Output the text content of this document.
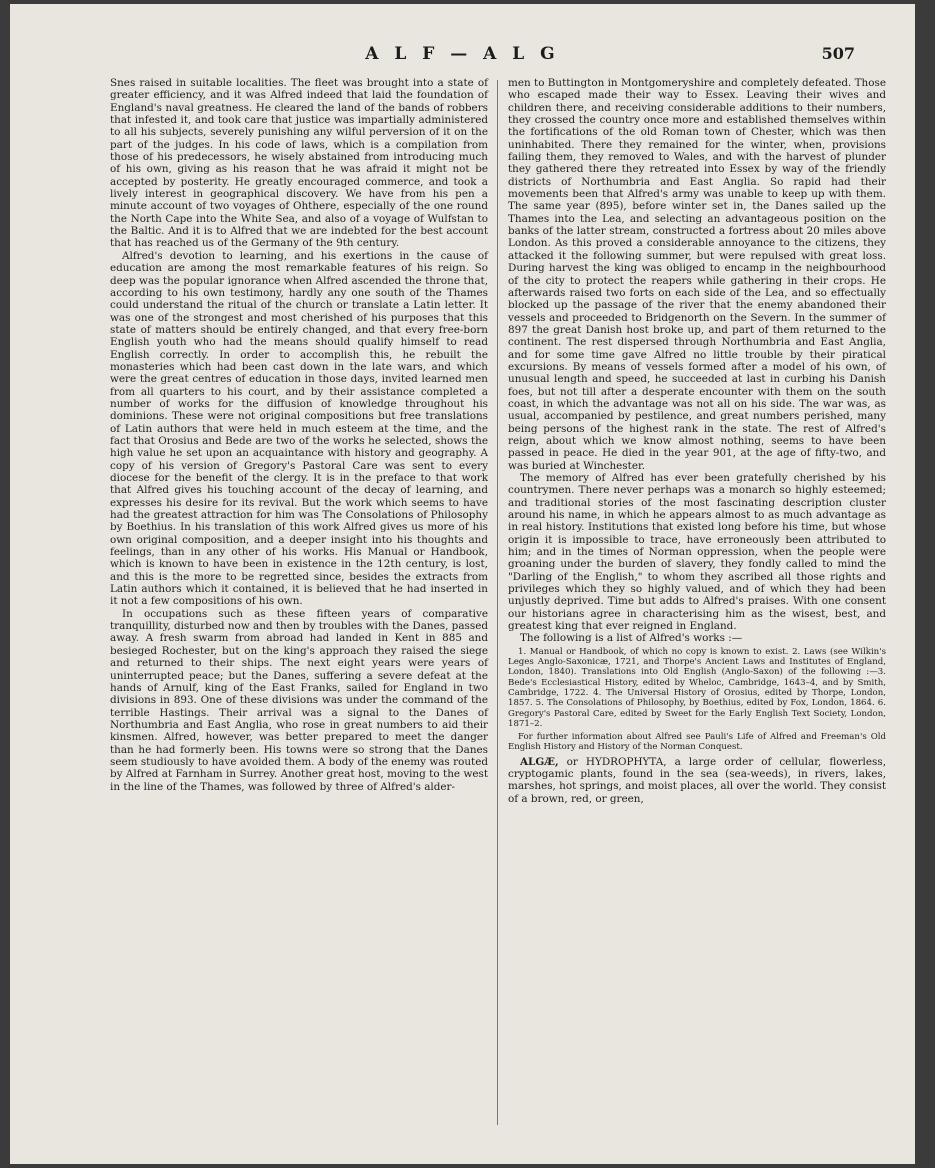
A L F — A L G	507

Snes raised in suitable localities. The fleet was brought into a state of greater efficiency, and it was Alfred indeed that laid the foundation of England's naval greatness. He cleared the land of the bands of robbers that infested it, and took care that justice was impartially administered to all his subjects, severely punishing any wilful perversion of it on the part of the judges. In his code of laws, which is a compilation from those of his predecessors, he wisely abstained from introducing much of his own, giving as his reason that he was afraid it might not be accepted by posterity. He greatly encouraged commerce, and took a lively interest in geographical discovery. We have from his pen a minute account of two voyages of Ohthere, especially of the one round the North Cape into the White Sea, and also of a voyage of Wulfstan to the Baltic. And it is to Alfred that we are indebted for the best account that has reached us of the Germany of the 9th century.

Alfred's devotion to learning, and his exertions in the cause of education are among the most remarkable features of his reign. So deep was the popular ignorance when Alfred ascended the throne that, according to his own testimony, hardly any one south of the Thames could understand the ritual of the church or translate a Latin letter. It was one of the strongest and most cherished of his purposes that this state of matters should be entirely changed, and that every free-born English youth who had the means should qualify himself to read English correctly. In order to accomplish this, he rebuilt the monasteries which had been cast down in the late wars, and which were the great centres of education in those days, invited learned men from all quarters to his court, and by their assistance completed a number of works for the diffusion of knowledge throughout his dominions. These were not original compositions but free translations of Latin authors that were held in much esteem at the time, and the fact that Orosius and Bede are two of the works he selected, shows the high value he set upon an acquaintance with history and geography. A copy of his version of Gregory's Pastoral Care was sent to every diocese for the benefit of the clergy. It is in the preface to that work that Alfred gives his touching account of the decay of learning, and expresses his desire for its revival. But the work which seems to have had the greatest attraction for him was The Consolations of Philosophy by Boethius. In his translation of this work Alfred gives us more of his own original composition, and a deeper insight into his thoughts and feelings, than in any other of his works. His Manual or Handbook, which is known to have been in existence in the 12th century, is lost, and this is the more to be regretted since, besides the extracts from Latin authors which it contained, it is believed that he had inserted in it not a few compositions of his own.

In occupations such as these fifteen years of comparative tranquillity, disturbed now and then by troubles with the Danes, passed away. A fresh swarm from abroad had landed in Kent in 885 and besieged Rochester, but on the king's approach they raised the siege and returned to their ships. The next eight years were years of uninterrupted peace; but the Danes, suffering a severe defeat at the hands of Arnulf, king of the East Franks, sailed for England in two divisions in 893. One of these divisions was under the command of the terrible Hastings. Their arrival was a signal to the Danes of Northumbria and East Anglia, who rose in great numbers to aid their kinsmen. Alfred, however, was better prepared to meet the danger than he had formerly been. His towns were so strong that the Danes seem studiously to have avoided them. A body of the enemy was routed by Alfred at Farnham in Surrey. Another great host, moving to the west in the line of the Thames, was followed by three of Alfred's alder-

men to Buttington in Montgomeryshire and completely defeated. Those who escaped made their way to Essex. Leaving their wives and children there, and receiving considerable additions to their numbers, they crossed the country once more and established themselves within the fortifications of the old Roman town of Chester, which was then uninhabited. There they remained for the winter, when, provisions failing them, they removed to Wales, and with the harvest of plunder they gathered there they retreated into Essex by way of the friendly districts of Northumbria and East Anglia. So rapid had their movements been that Alfred's army was unable to keep up with them. The same year (895), before winter set in, the Danes sailed up the Thames into the Lea, and selecting an advantageous position on the banks of the latter stream, constructed a fortress about 20 miles above London. As this proved a considerable annoyance to the citizens, they attacked it the following summer, but were repulsed with great loss. During harvest the king was obliged to encamp in the neighbourhood of the city to protect the reapers while gathering in their crops. He afterwards raised two forts on each side of the Lea, and so effectually blocked up the passage of the river that the enemy abandoned their vessels and proceeded to Bridgenorth on the Severn. In the summer of 897 the great Danish host broke up, and part of them returned to the continent. The rest dispersed through Northumbria and East Anglia, and for some time gave Alfred no little trouble by their piratical excursions. By means of vessels formed after a model of his own, of unusual length and speed, he succeeded at last in curbing his Danish foes, but not till after a desperate encounter with them on the south coast, in which the advantage was not all on his side. The war was, as usual, accompanied by pestilence, and great numbers perished, many being persons of the highest rank in the state. The rest of Alfred's reign, about which we know almost nothing, seems to have been passed in peace. He died in the year 901, at the age of fifty-two, and was buried at Winchester.

The memory of Alfred has ever been gratefully cherished by his countrymen. There never perhaps was a monarch so highly esteemed; and traditional stories of the most fascinating description cluster around his name, in which he appears almost to as much advantage as in real history. Institutions that existed long before his time, but whose origin it is impossible to trace, have erroneously been attributed to him; and in the times of Norman oppression, when the people were groaning under the burden of slavery, they fondly called to mind the "Darling of the English," to whom they ascribed all those rights and privileges which they so highly valued, and of which they had been unjustly deprived. Time but adds to Alfred's praises. With one consent our historians agree in characterising him as the wisest, best, and greatest king that ever reigned in England.

The following is a list of Alfred's works :—

1. Manual or Handbook, of which no copy is known to exist. 2. Laws (see Wilkin's Leges Anglo-Saxonicæ, 1721, and Thorpe's Ancient Laws and Institutes of England, London, 1840). Translations into Old English (Anglo-Saxon) of the following :—3. Bede's Ecclesiastical History, edited by Wheloc, Cambridge, 1643–4, and by Smith, Cambridge, 1722. 4. The Universal History of Orosius, edited by Thorpe, London, 1857. 5. The Consolations of Philosophy, by Boethius, edited by Fox, London, 1864. 6. Gregory's Pastoral Care, edited by Sweet for the Early English Text Society, London, 1871–2.

For further information about Alfred see Pauli's Life of Alfred and Freeman's Old English History and History of the Norman Conquest.

ALGÆ, or HYDROPHYTA, a large order of cellular, flowerless, cryptogamic plants, found in the sea (sea-weeds), in rivers, lakes, marshes, hot springs, and moist places, all over the world. They consist of a brown, red, or green,
